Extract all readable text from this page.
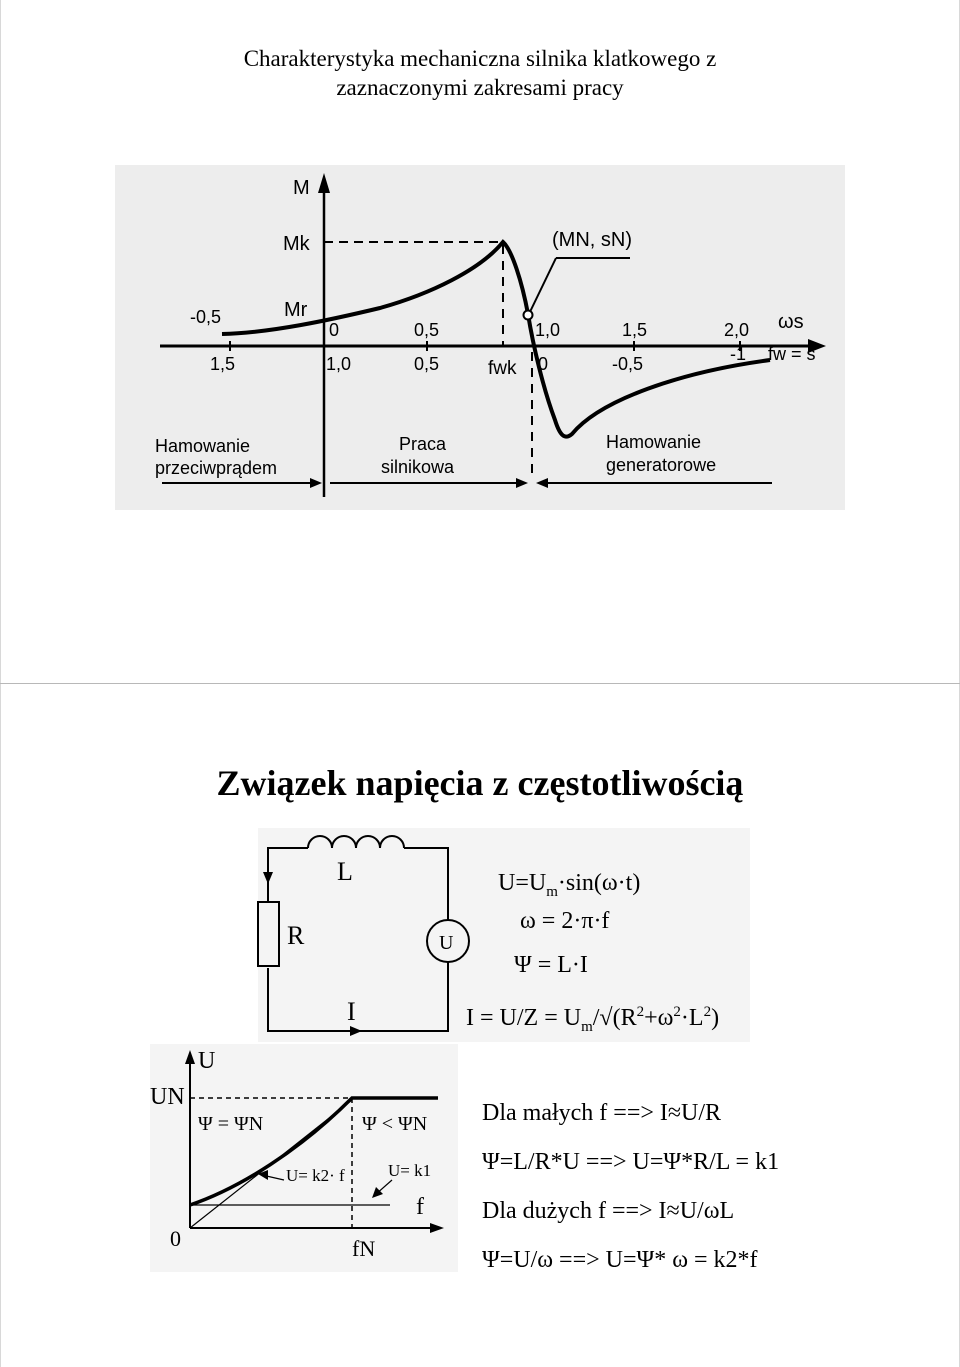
Charakterystyka mechaniczna silnika klatkowego z
zaznaczonymi zakresami pracy
M
Mk
Mr
(MN, sN)
ωs
fw = s
fwk
-0,5
0	0,5	1,0	1,5	2,0
1,5	1,0	0,5	0	-0,5	-1
Hamowanie
przeciwprądem
Praca
silnikowa
Hamowanie
generatorowe
Związek napięcia z częstotliwością
L
R	U
I
$U=U_m\cdot\sin(\omega\cdot t)$
ω = 2·π·f
Ψ = L·I
$I = U/Z = U_m/√(R^2+\omega^2\cdot L^2)$
U
UN
f
0	fN
Ψ = ΨN	Ψ < ΨN
U= k2· f	U= k1
Dla małych f ==> I≈U/R
Ψ=L/R*U ==> U=Ψ*R/L = k1
Dla dużych f ==> I≈U/ωL
Ψ=U/ω ==> U=Ψ* ω = k2*f
